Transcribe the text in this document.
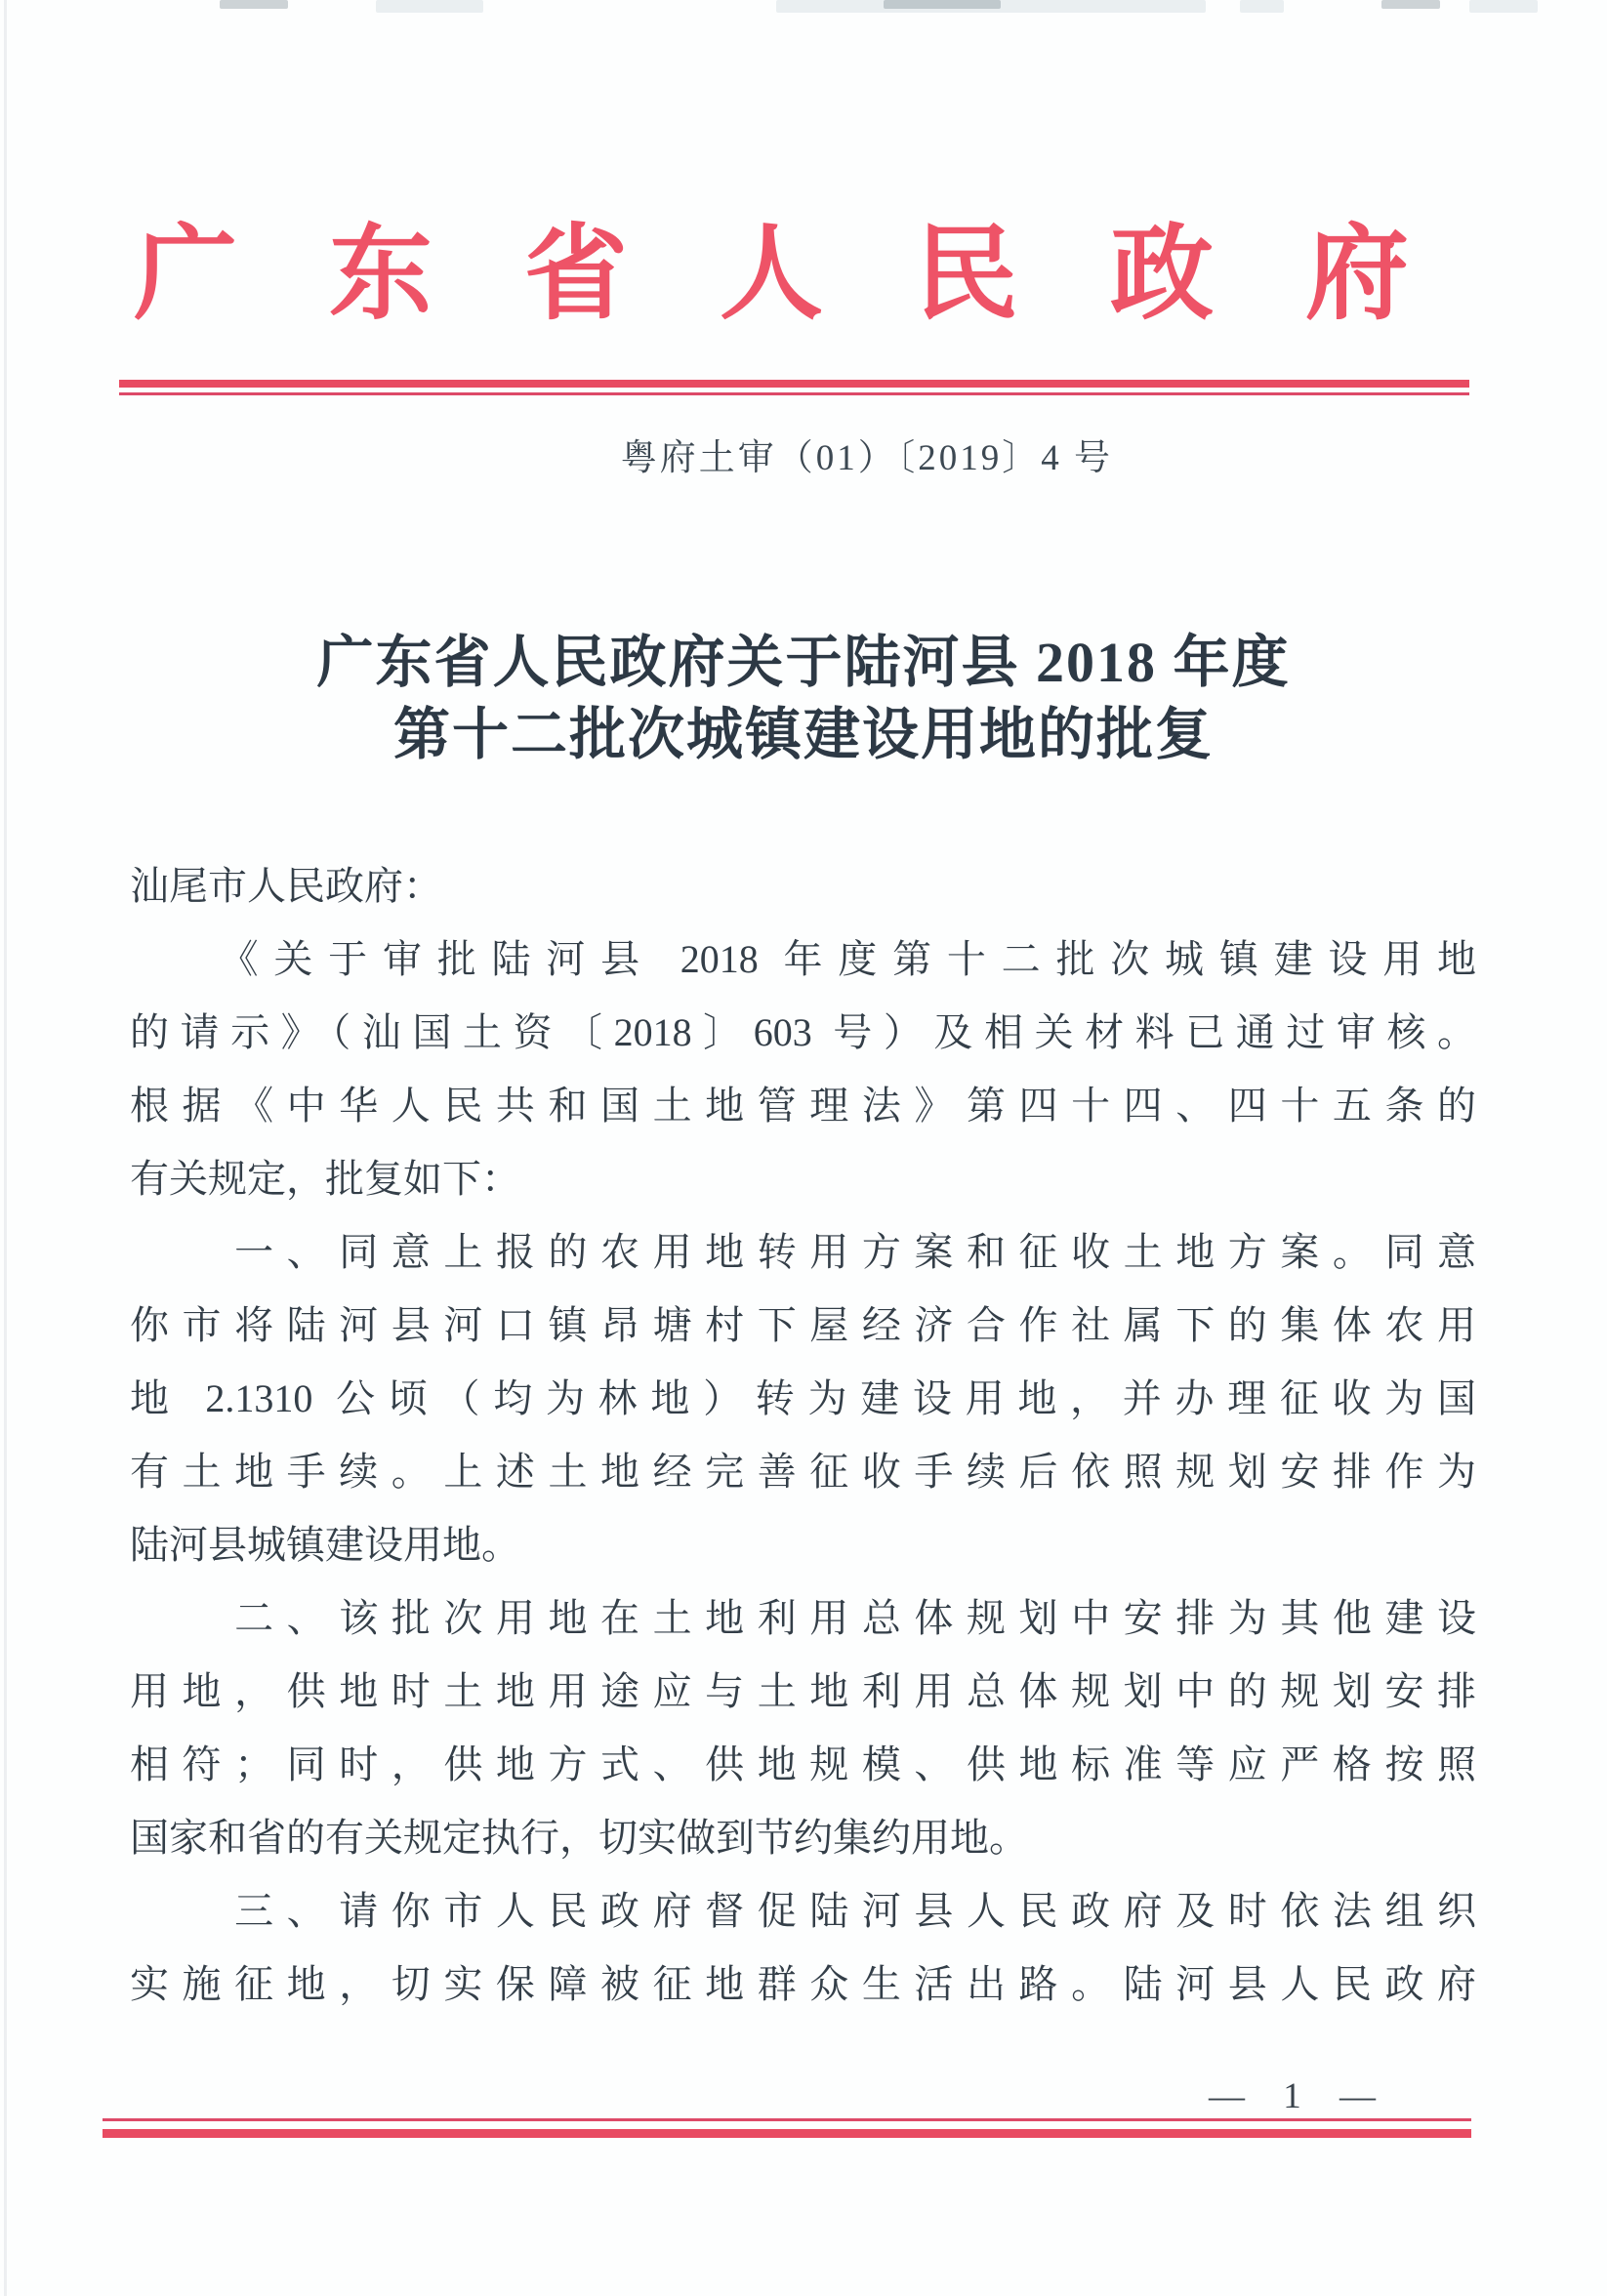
广东省人民政府
粤府土审（01）〔2019〕4 号
广东省人民政府关于陆河县 2018 年度
第十二批次城镇建设用地的批复
汕尾市人民政府：
　　《关于审批陆河县 2018 年度第十二批次城镇建设用地
的请示》（汕国土资〔2018〕603 号）及相关材料已通过审核。
根据《中华人民共和国土地管理法》第四十四、四十五条的
有关规定，批复如下：
　　一、同意上报的农用地转用方案和征收土地方案。同意
你市将陆河县河口镇昂塘村下屋经济合作社属下的集体农用
地 2.1310 公顷（均为林地）转为建设用地，并办理征收为国
有土地手续。上述土地经完善征收手续后依照规划安排作为
陆河县城镇建设用地。
　　二、该批次用地在土地利用总体规划中安排为其他建设
用地，供地时土地用途应与土地利用总体规划中的规划安排
相符；同时，供地方式、供地规模、供地标准等应严格按照
国家和省的有关规定执行，切实做到节约集约用地。
　　三、请你市人民政府督促陆河县人民政府及时依法组织
实施征地，切实保障被征地群众生活出路。陆河县人民政府
— 1 —
